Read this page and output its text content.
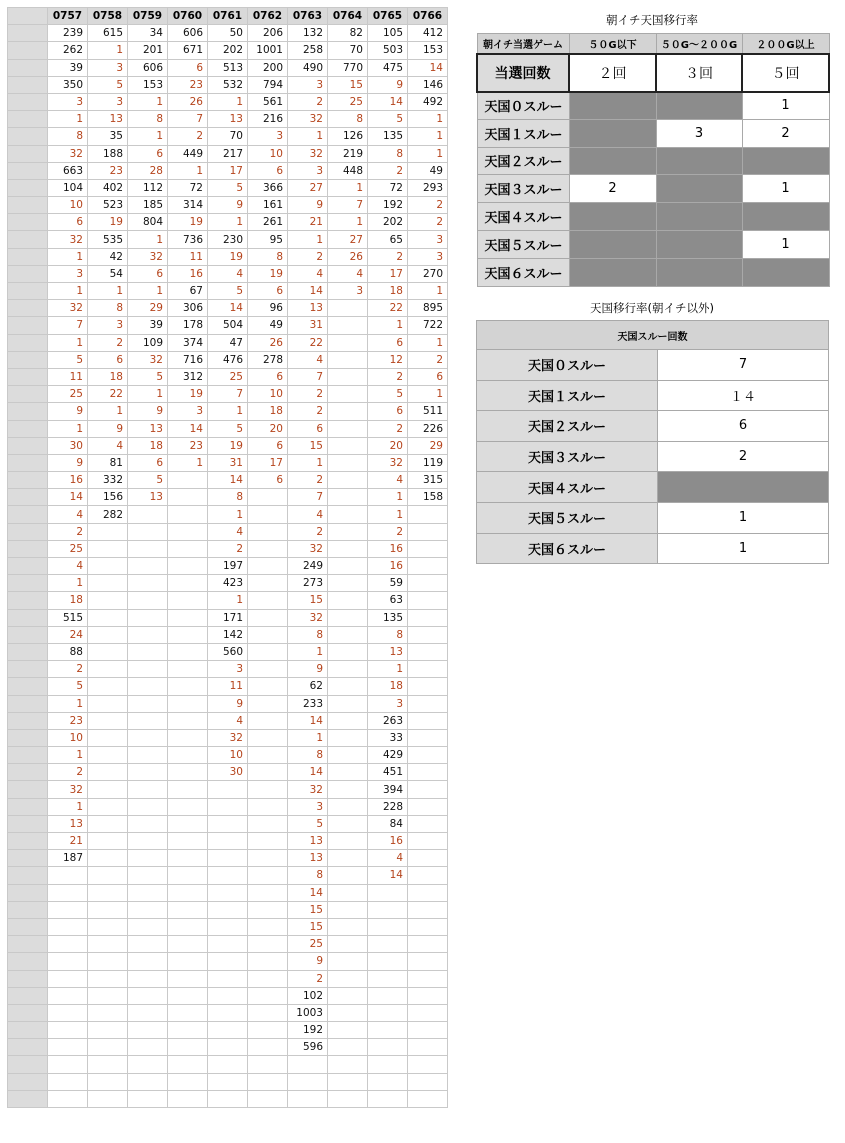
	0757	0758	0759	0760	0761	0762	0763	0764	0765	0766
	239	615	34	606	50	206	132	82	105	412
	262	1	201	671	202	1001	258	70	503	153
	39	3	606	6	513	200	490	770	475	14
	350	5	153	23	532	794	3	15	9	146
	3	3	1	26	1	561	2	25	14	492
	1	13	8	7	13	216	32	8	5	1
	8	35	1	2	70	3	1	126	135	1
	32	188	6	449	217	10	32	219	8	1
	663	23	28	1	17	6	3	448	2	49
	104	402	112	72	5	366	27	1	72	293
	10	523	185	314	9	161	9	7	192	2
	6	19	804	19	1	261	21	1	202	2
	32	535	1	736	230	95	1	27	65	3
	1	42	32	11	19	8	2	26	2	3
	3	54	6	16	4	19	4	4	17	270
	1	1	1	67	5	6	14	3	18	1
	32	8	29	306	14	96	13		22	895
	7	3	39	178	504	49	31		1	722
	1	2	109	374	47	26	22		6	1
	5	6	32	716	476	278	4		12	2
	11	18	5	312	25	6	7		2	6
	25	22	1	19	7	10	2		5	1
	9	1	9	3	1	18	2		6	511
	1	9	13	14	5	20	6		2	226
	30	4	18	23	19	6	15		20	29
	9	81	6	1	31	17	1		32	119
	16	332	5		14	6	2		4	315
	14	156	13		8		7		1	158
	4	282			1		4		1	
	2				4		2		2	
	25				2		32		16	
	4				197		249		16	
	1				423		273		59	
	18				1		15		63	
	515				171		32		135	
	24				142		8		8	
	88				560		1		13	
	2				3		9		1	
	5				11		62		18	
	1				9		233		3	
	23				4		14		263	
	10				32		1		33	
	1				10		8		429	
	2				30		14		451	
	32						32		394	
	1						3		228	
	13						5		84	
	21						13		16	
	187						13		4	
							8		14	
							14			
							15			
							15			
							25			
							9			
							2			
							102			
							1003			
							192			
							596			

朝イチ天国移行率
朝イチ当選ゲーム	５０G以下	５０G～２００G	２００G以上
当選回数	２回	３回	５回
天国０スルー			1
天国１スルー		3	2
天国２スルー			
天国３スルー	2		1
天国４スルー			
天国５スルー			1
天国６スルー			
天国移行率(朝イチ以外)
天国スルー回数	
天国０スルー	7
天国１スルー	１４
天国２スルー	6
天国３スルー	2
天国４スルー	
天国５スルー	1
天国６スルー	1
